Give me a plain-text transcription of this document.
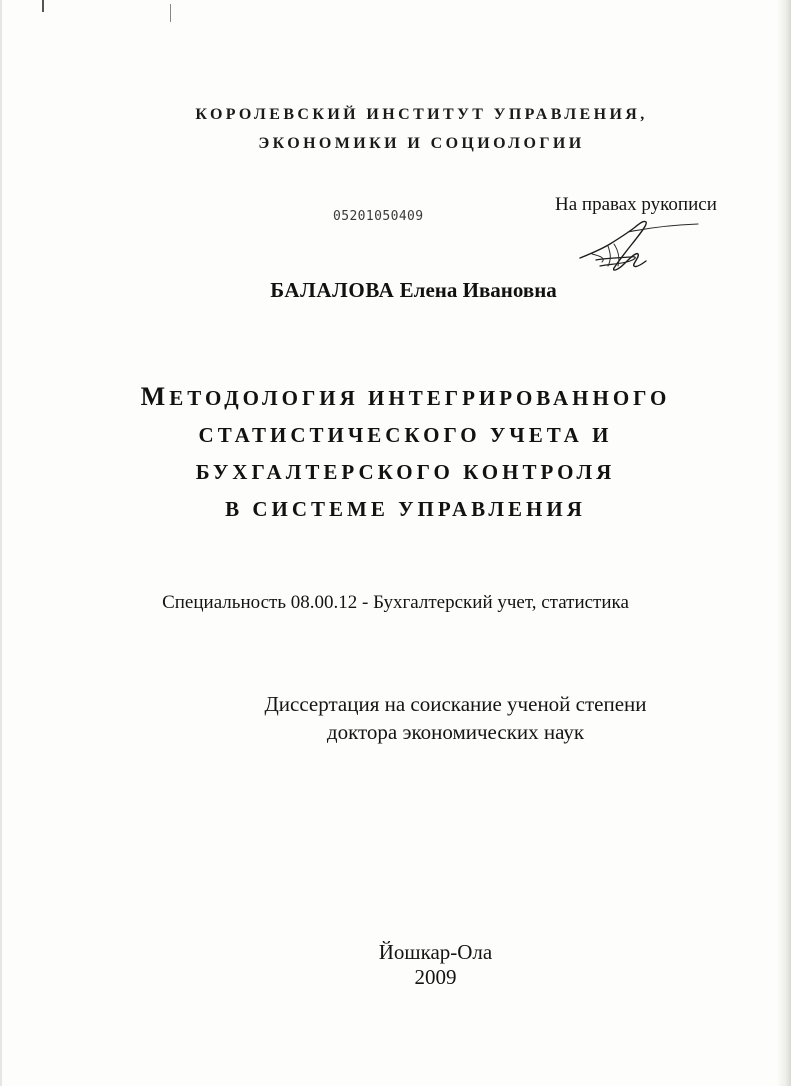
КОРОЛЕВСКИЙ ИНСТИТУТ УПРАВЛЕНИЯ,
ЭКОНОМИКИ И СОЦИОЛОГИИ
05201050409
На правах рукописи
БАЛАЛОВА Елена Ивановна
МЕТОДОЛОГИЯ ИНТЕГРИРОВАННОГО
СТАТИСТИЧЕСКОГО УЧЕТА И
БУХГАЛТЕРСКОГО КОНТРОЛЯ
В СИСТЕМЕ УПРАВЛЕНИЯ
Специальность 08.00.12 - Бухгалтерский учет, статистика
Диссертация на соискание ученой степени
доктора экономических наук
Йошкар-Ола
2009
